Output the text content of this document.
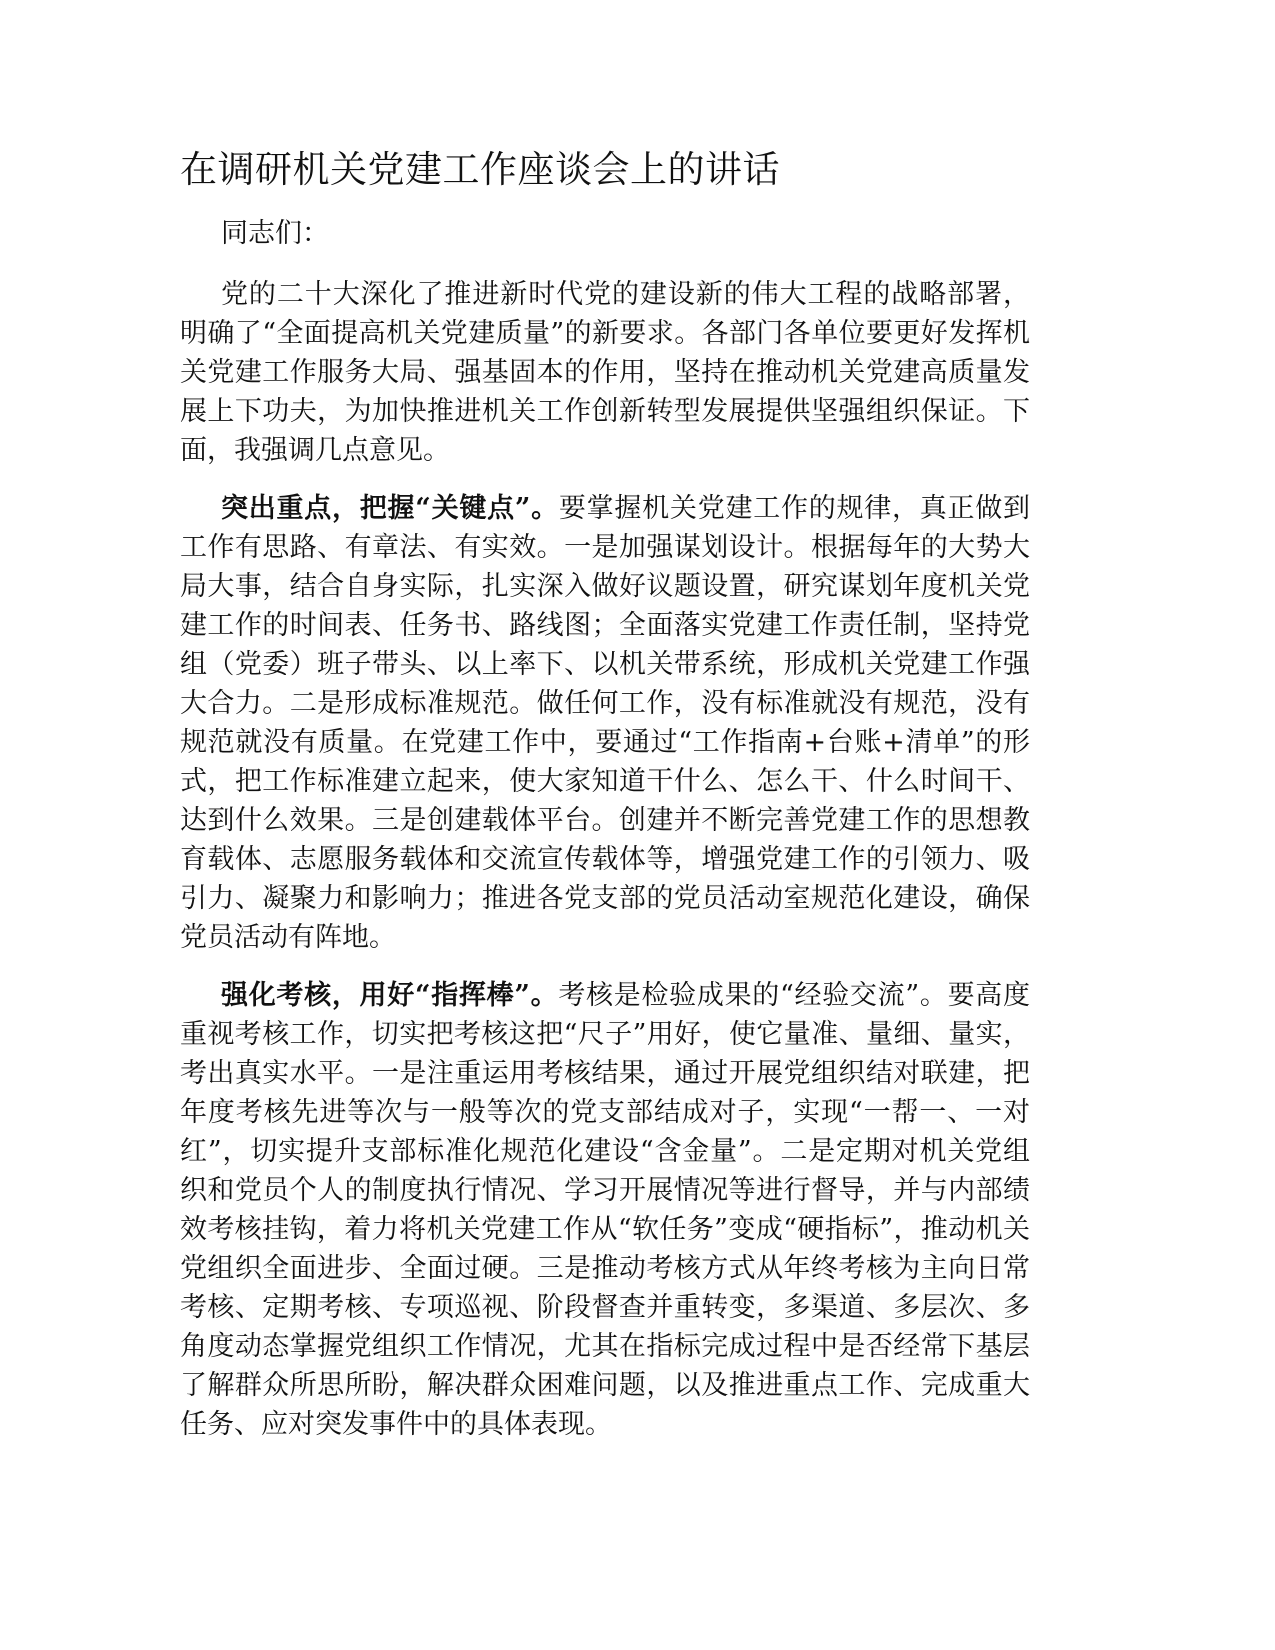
在调研机关党建工作座谈会上的讲话

同志们：

党的二十大深化了推进新时代党的建设新的伟大工程的战略部署，明确了“全面提高机关党建质量”的新要求。各部门各单位要更好发挥机关党建工作服务大局、强基固本的作用，坚持在推动机关党建高质量发展上下功夫，为加快推进机关工作创新转型发展提供坚强组织保证。下面，我强调几点意见。

突出重点，把握“关键点”。要掌握机关党建工作的规律，真正做到工作有思路、有章法、有实效。一是加强谋划设计。根据每年的大势大局大事，结合自身实际，扎实深入做好议题设置，研究谋划年度机关党建工作的时间表、任务书、路线图；全面落实党建工作责任制，坚持党组（党委）班子带头、以上率下、以机关带系统，形成机关党建工作强大合力。二是形成标准规范。做任何工作，没有标准就没有规范，没有规范就没有质量。在党建工作中，要通过“工作指南+台账+清单”的形式，把工作标准建立起来，使大家知道干什么、怎么干、什么时间干、达到什么效果。三是创建载体平台。创建并不断完善党建工作的思想教育载体、志愿服务载体和交流宣传载体等，增强党建工作的引领力、吸引力、凝聚力和影响力；推进各党支部的党员活动室规范化建设，确保党员活动有阵地。

强化考核，用好“指挥棒”。考核是检验成果的“经验交流”。要高度重视考核工作，切实把考核这把“尺子”用好，使它量准、量细、量实，考出真实水平。一是注重运用考核结果，通过开展党组织结对联建，把年度考核先进等次与一般等次的党支部结成对子，实现“一帮一、一对红”，切实提升支部标准化规范化建设“含金量”。二是定期对机关党组织和党员个人的制度执行情况、学习开展情况等进行督导，并与内部绩效考核挂钩，着力将机关党建工作从“软任务”变成“硬指标”，推动机关党组织全面进步、全面过硬。三是推动考核方式从年终考核为主向日常考核、定期考核、专项巡视、阶段督查并重转变，多渠道、多层次、多角度动态掌握党组织工作情况，尤其在指标完成过程中是否经常下基层了解群众所思所盼，解决群众困难问题，以及推进重点工作、完成重大任务、应对突发事件中的具体表现。
